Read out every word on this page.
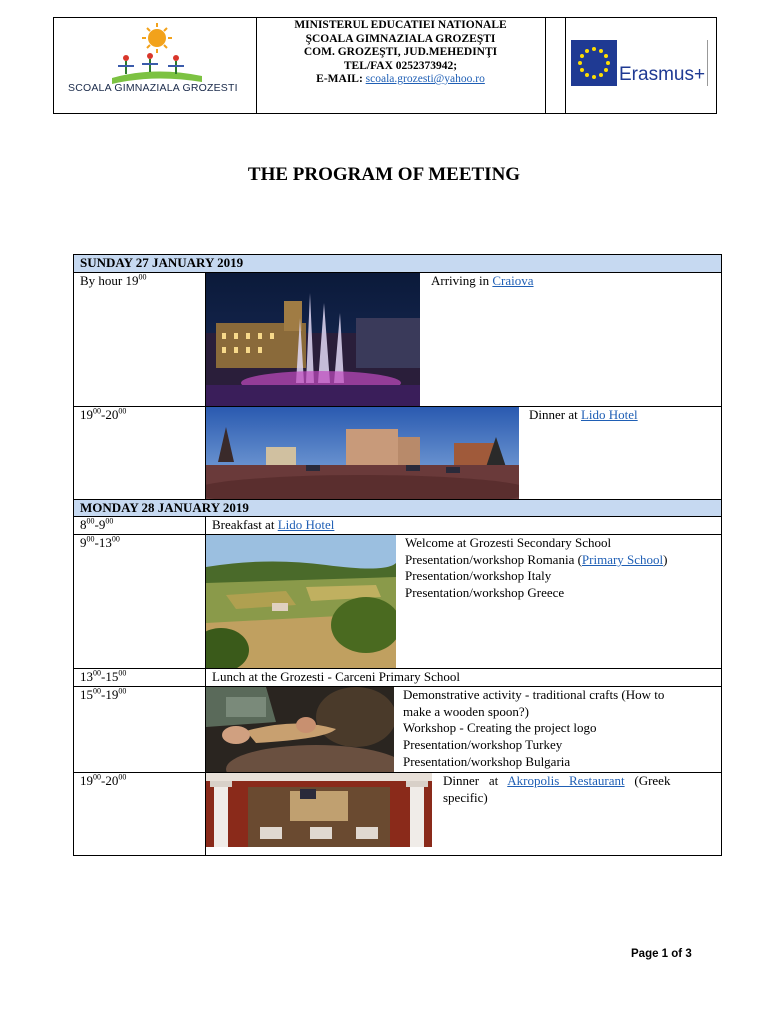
SCOALA GIMNAZIALA GROZESTI
MINISTERUL EDUCATIEI NATIONALE
ŞCOALA GIMNAZIALA GROZEŞTI
COM. GROZEŞTI, JUD.MEHEDINŢI
TEL/FAX 0252373942;
E-MAIL: scoala.grozesti@yahoo.ro	Erasmus+
THE PROGRAM OF MEETING
SUNDAY 27 JANUARY 2019
By hour $19^{00}$	Arriving in Craiova
$19^{00}-20^{00}$	Dinner at Lido Hotel
MONDAY 28 JANUARY 2019
$8^{00}-9^{00}$	Breakfast at Lido Hotel
$9^{00}-13^{00}$	Welcome at Grozesti Secondary School
Presentation/workshop Romania (Primary School)
Presentation/workshop Italy
Presentation/workshop Greece
$13^{00}-15^{00}$	Lunch at the Grozesti - Carceni Primary School
$15^{00}-19^{00}$	Demonstrative activity - traditional crafts (How to
make a wooden spoon?)
Workshop - Creating the project logo
Presentation/workshop Turkey
Presentation/workshop Bulgaria
$19^{00}-20^{00}$	Dinner   at   Akropolis   Restaurant   (Greek
specific)
Page 1 of 3
